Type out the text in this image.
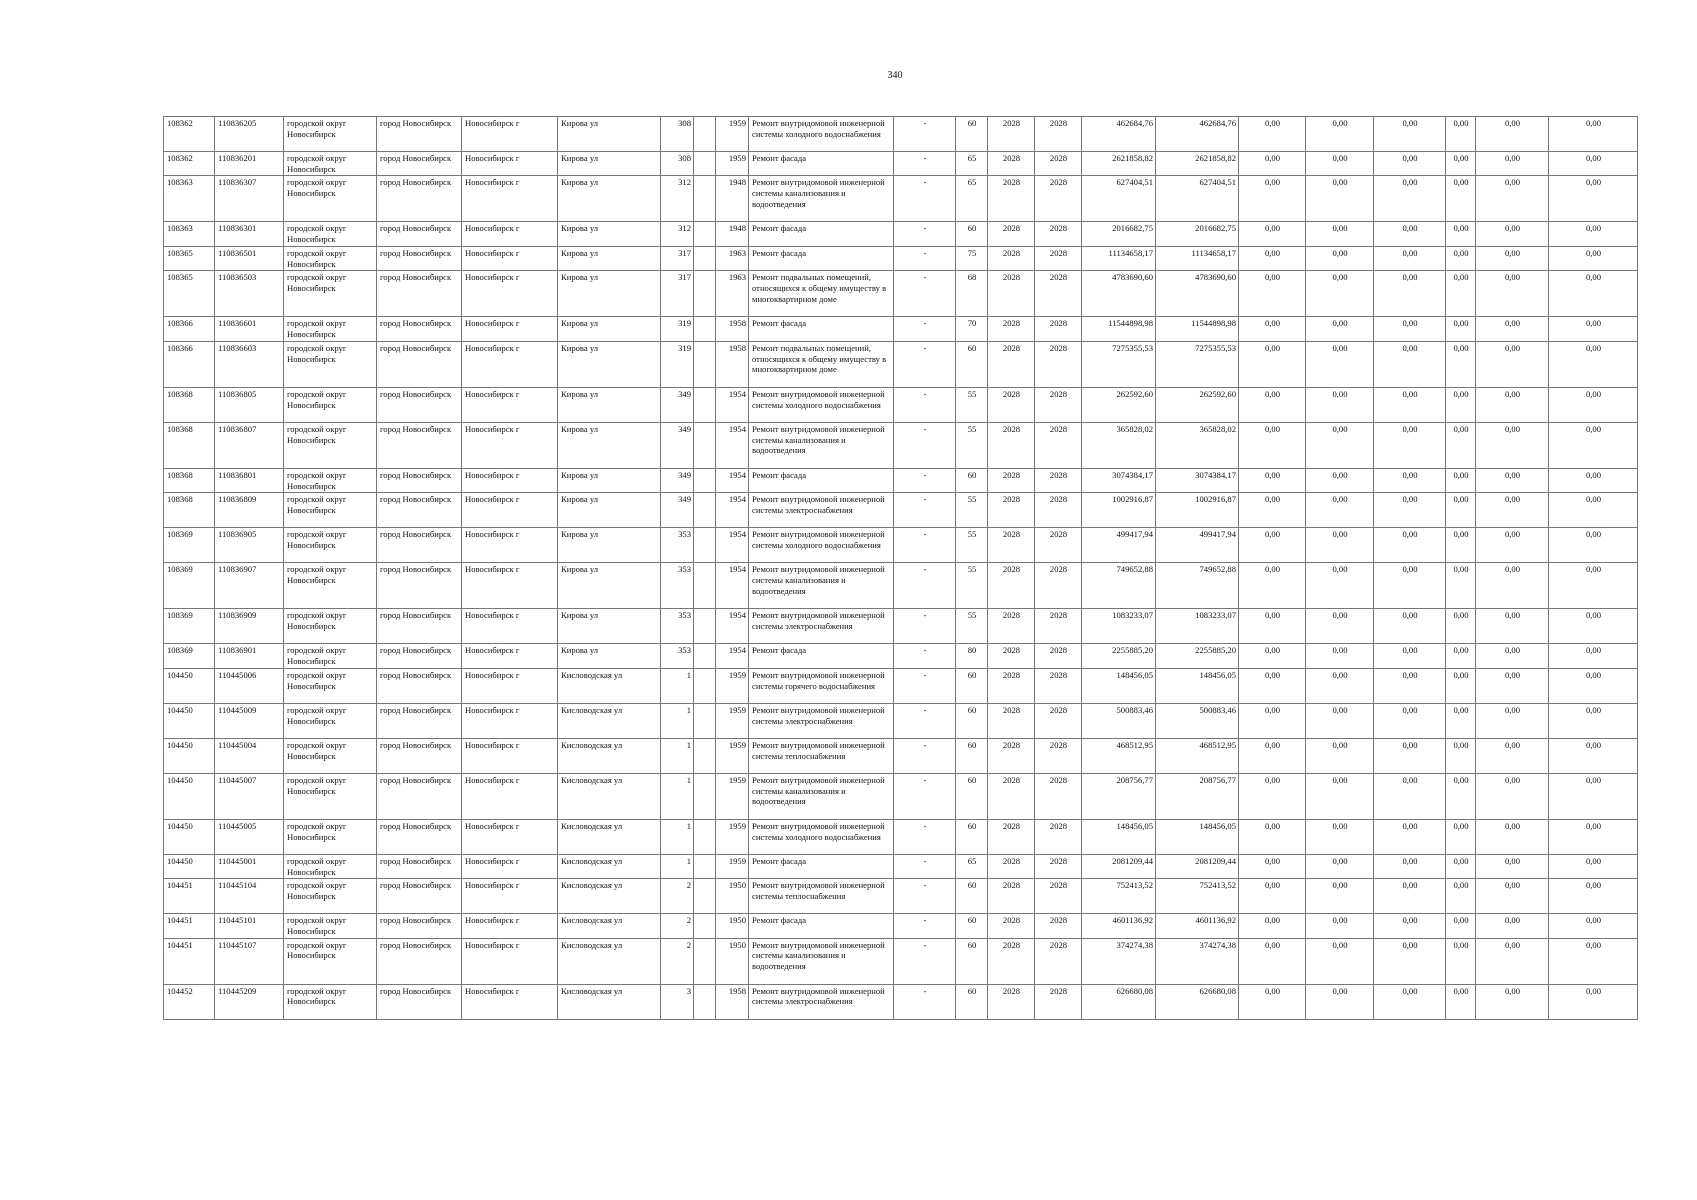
340
108362	110836205	городской округ Новосибирск	город Новосибирск	Новосибирск г	Кирова ул	308		1959	Ремонт внутридомовой инженерной системы холодного водоснабжения	-	60	2028	2028	462684,76	462684,76	0,00	0,00	0,00	0,00	0,00	0,00
108362	110836201	городской округ Новосибирск	город Новосибирск	Новосибирск г	Кирова ул	308		1959	Ремонт фасада	-	65	2028	2028	2621858,82	2621858,82	0,00	0,00	0,00	0,00	0,00	0,00
108363	110836307	городской округ Новосибирск	город Новосибирск	Новосибирск г	Кирова ул	312		1948	Ремонт внутридомовой инженерной системы канализования и водоотведения	-	65	2028	2028	627404,51	627404,51	0,00	0,00	0,00	0,00	0,00	0,00
108363	110836301	городской округ Новосибирск	город Новосибирск	Новосибирск г	Кирова ул	312		1948	Ремонт фасада	-	60	2028	2028	2016682,75	2016682,75	0,00	0,00	0,00	0,00	0,00	0,00
108365	110836501	городской округ Новосибирск	город Новосибирск	Новосибирск г	Кирова ул	317		1963	Ремонт фасада	-	75	2028	2028	11134658,17	11134658,17	0,00	0,00	0,00	0,00	0,00	0,00
108365	110836503	городской округ Новосибирск	город Новосибирск	Новосибирск г	Кирова ул	317		1963	Ремонт подвальных помещений, относящихся к общему имуществу в многоквартирном доме	-	68	2028	2028	4783690,60	4783690,60	0,00	0,00	0,00	0,00	0,00	0,00
108366	110836601	городской округ Новосибирск	город Новосибирск	Новосибирск г	Кирова ул	319		1958	Ремонт фасада	-	70	2028	2028	11544898,98	11544898,98	0,00	0,00	0,00	0,00	0,00	0,00
108366	110836603	городской округ Новосибирск	город Новосибирск	Новосибирск г	Кирова ул	319		1958	Ремонт подвальных помещений, относящихся к общему имуществу в многоквартирном доме	-	60	2028	2028	7275355,53	7275355,53	0,00	0,00	0,00	0,00	0,00	0,00
108368	110836805	городской округ Новосибирск	город Новосибирск	Новосибирск г	Кирова ул	349		1954	Ремонт внутридомовой инженерной системы холодного водоснабжения	-	55	2028	2028	262592,60	262592,60	0,00	0,00	0,00	0,00	0,00	0,00
108368	110836807	городской округ Новосибирск	город Новосибирск	Новосибирск г	Кирова ул	349		1954	Ремонт внутридомовой инженерной системы канализования и водоотведения	-	55	2028	2028	365828,02	365828,02	0,00	0,00	0,00	0,00	0,00	0,00
108368	110836801	городской округ Новосибирск	город Новосибирск	Новосибирск г	Кирова ул	349		1954	Ремонт фасада	-	60	2028	2028	3074384,17	3074384,17	0,00	0,00	0,00	0,00	0,00	0,00
108368	110836809	городской округ Новосибирск	город Новосибирск	Новосибирск г	Кирова ул	349		1954	Ремонт внутридомовой инженерной системы электроснабжения	-	55	2028	2028	1002916,87	1002916,87	0,00	0,00	0,00	0,00	0,00	0,00
108369	110836905	городской округ Новосибирск	город Новосибирск	Новосибирск г	Кирова ул	353		1954	Ремонт внутридомовой инженерной системы холодного водоснабжения	-	55	2028	2028	499417,94	499417,94	0,00	0,00	0,00	0,00	0,00	0,00
108369	110836907	городской округ Новосибирск	город Новосибирск	Новосибирск г	Кирова ул	353		1954	Ремонт внутридомовой инженерной системы канализования и водоотведения	-	55	2028	2028	749652,88	749652,88	0,00	0,00	0,00	0,00	0,00	0,00
108369	110836909	городской округ Новосибирск	город Новосибирск	Новосибирск г	Кирова ул	353		1954	Ремонт внутридомовой инженерной системы электроснабжения	-	55	2028	2028	1083233,07	1083233,07	0,00	0,00	0,00	0,00	0,00	0,00
108369	110836901	городской округ Новосибирск	город Новосибирск	Новосибирск г	Кирова ул	353		1954	Ремонт фасада	-	80	2028	2028	2255885,20	2255885,20	0,00	0,00	0,00	0,00	0,00	0,00
104450	110445006	городской округ Новосибирск	город Новосибирск	Новосибирск г	Кисловодская ул	1		1959	Ремонт внутридомовой инженерной системы горячего водоснабжения	-	60	2028	2028	148456,05	148456,05	0,00	0,00	0,00	0,00	0,00	0,00
104450	110445009	городской округ Новосибирск	город Новосибирск	Новосибирск г	Кисловодская ул	1		1959	Ремонт внутридомовой инженерной системы электроснабжения	-	60	2028	2028	500883,46	500883,46	0,00	0,00	0,00	0,00	0,00	0,00
104450	110445004	городской округ Новосибирск	город Новосибирск	Новосибирск г	Кисловодская ул	1		1959	Ремонт внутридомовой инженерной системы теплоснабжения	-	60	2028	2028	468512,95	468512,95	0,00	0,00	0,00	0,00	0,00	0,00
104450	110445007	городской округ Новосибирск	город Новосибирск	Новосибирск г	Кисловодская ул	1		1959	Ремонт внутридомовой инженерной системы канализования и водоотведения	-	60	2028	2028	208756,77	208756,77	0,00	0,00	0,00	0,00	0,00	0,00
104450	110445005	городской округ Новосибирск	город Новосибирск	Новосибирск г	Кисловодская ул	1		1959	Ремонт внутридомовой инженерной системы холодного водоснабжения	-	60	2028	2028	148456,05	148456,05	0,00	0,00	0,00	0,00	0,00	0,00
104450	110445001	городской округ Новосибирск	город Новосибирск	Новосибирск г	Кисловодская ул	1		1959	Ремонт фасада	-	65	2028	2028	2081209,44	2081209,44	0,00	0,00	0,00	0,00	0,00	0,00
104451	110445104	городской округ Новосибирск	город Новосибирск	Новосибирск г	Кисловодская ул	2		1950	Ремонт внутридомовой инженерной системы теплоснабжения	-	60	2028	2028	752413,52	752413,52	0,00	0,00	0,00	0,00	0,00	0,00
104451	110445101	городской округ Новосибирск	город Новосибирск	Новосибирск г	Кисловодская ул	2		1950	Ремонт фасада	-	60	2028	2028	4601136,92	4601136,92	0,00	0,00	0,00	0,00	0,00	0,00
104451	110445107	городской округ Новосибирск	город Новосибирск	Новосибирск г	Кисловодская ул	2		1950	Ремонт внутридомовой инженерной системы канализования и водоотведения	-	60	2028	2028	374274,38	374274,38	0,00	0,00	0,00	0,00	0,00	0,00
104452	110445209	городской округ Новосибирск	город Новосибирск	Новосибирск г	Кисловодская ул	3		1958	Ремонт внутридомовой инженерной системы электроснабжения	-	60	2028	2028	626680,08	626680,08	0,00	0,00	0,00	0,00	0,00	0,00
